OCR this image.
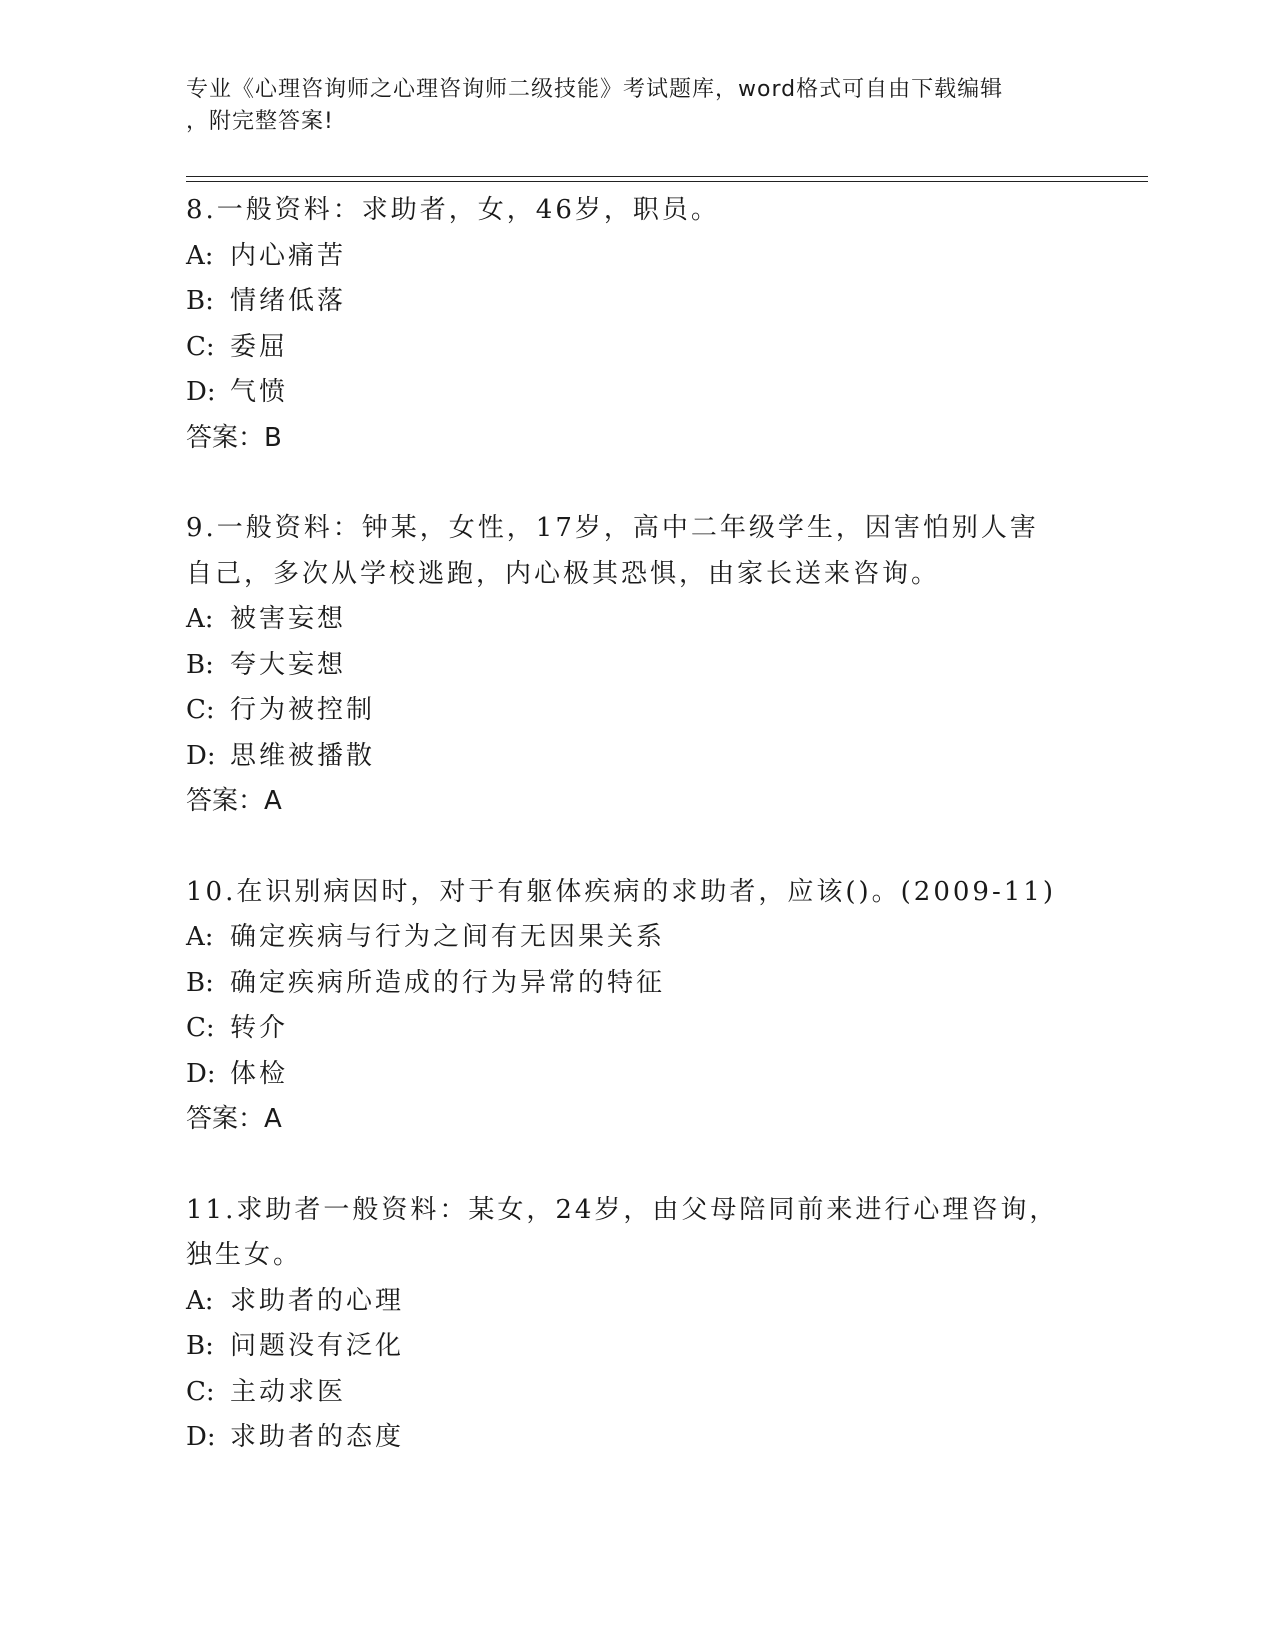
专业《心理咨询师之心理咨询师二级技能》考试题库，word格式可自由下载编辑
，附完整答案!

8.一般资料：求助者，女，46岁，职员。

A: 内心痛苦

B: 情绪低落

C: 委屈

D: 气愤

答案：B

9.一般资料：钟某，女性，17岁，高中二年级学生，因害怕别人害自己，多次从学校逃跑，内心极其恐惧，由家长送来咨询。

A: 被害妄想

B: 夸大妄想

C: 行为被控制

D: 思维被播散

答案：A

10.在识别病因时，对于有躯体疾病的求助者，应该()。(2009-11)

A: 确定疾病与行为之间有无因果关系

B: 确定疾病所造成的行为异常的特征

C: 转介

D: 体检

答案：A

11.求助者一般资料：某女，24岁，由父母陪同前来进行心理咨询，独生女。

A: 求助者的心理

B: 问题没有泛化

C: 主动求医

D: 求助者的态度
